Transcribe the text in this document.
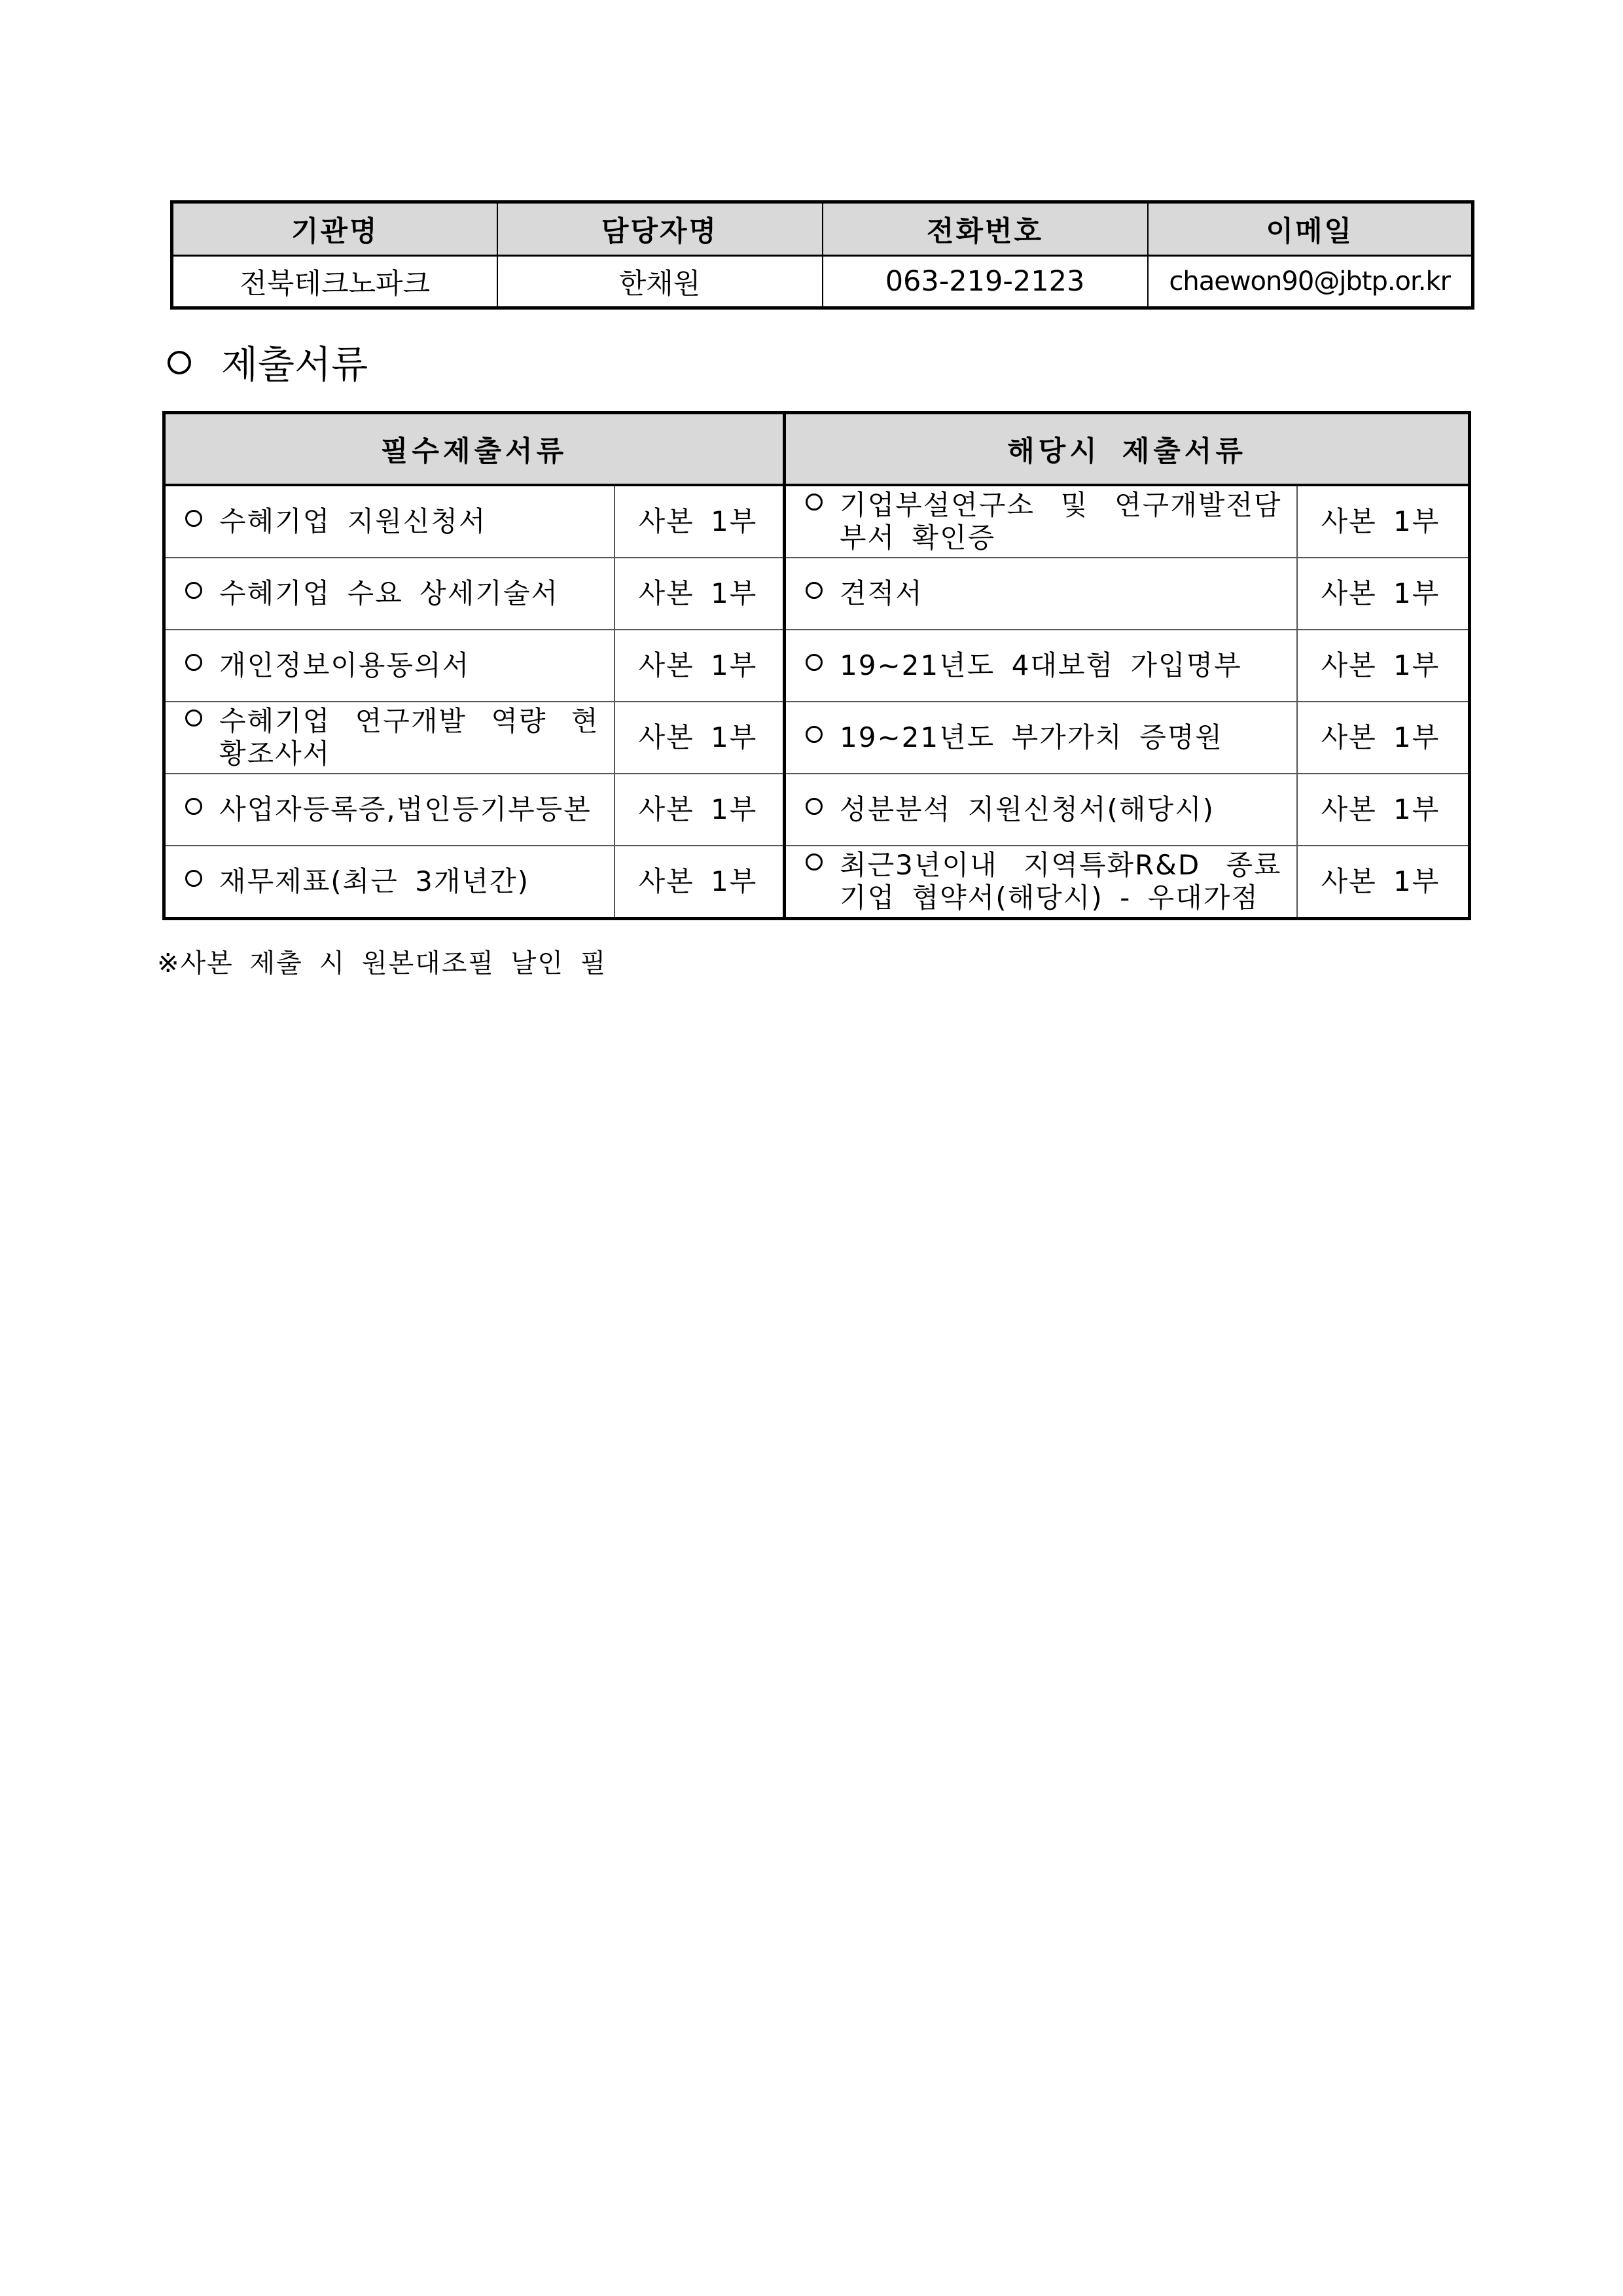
기관명	담당자명	전화번호	이메일
전북테크노파크	한채원	063-219-2123	chaewon90@jbtp.or.kr
제출서류
필수제출서류		해당시 제출서류	

수혜기업 지원신청서	사본 1부	기업부설연구소 및 연구개발전담부서 확인증	사본 1부

수혜기업 수요 상세기술서	사본 1부	견적서	사본 1부

개인정보이용동의서	사본 1부	19~21년도 4대보험 가입명부	사본 1부

수혜기업 연구개발 역량 현황조사서	사본 1부	19~21년도 부가가치 증명원	사본 1부

사업자등록증,법인등기부등본	사본 1부	성분분석 지원신청서(해당시)	사본 1부

재무제표(최근 3개년간)	사본 1부	최근3년이내 지역특화R&D 종료기업 협약서(해당시) - 우대가점	사본 1부
※사본 제출 시 원본대조필 날인 필
